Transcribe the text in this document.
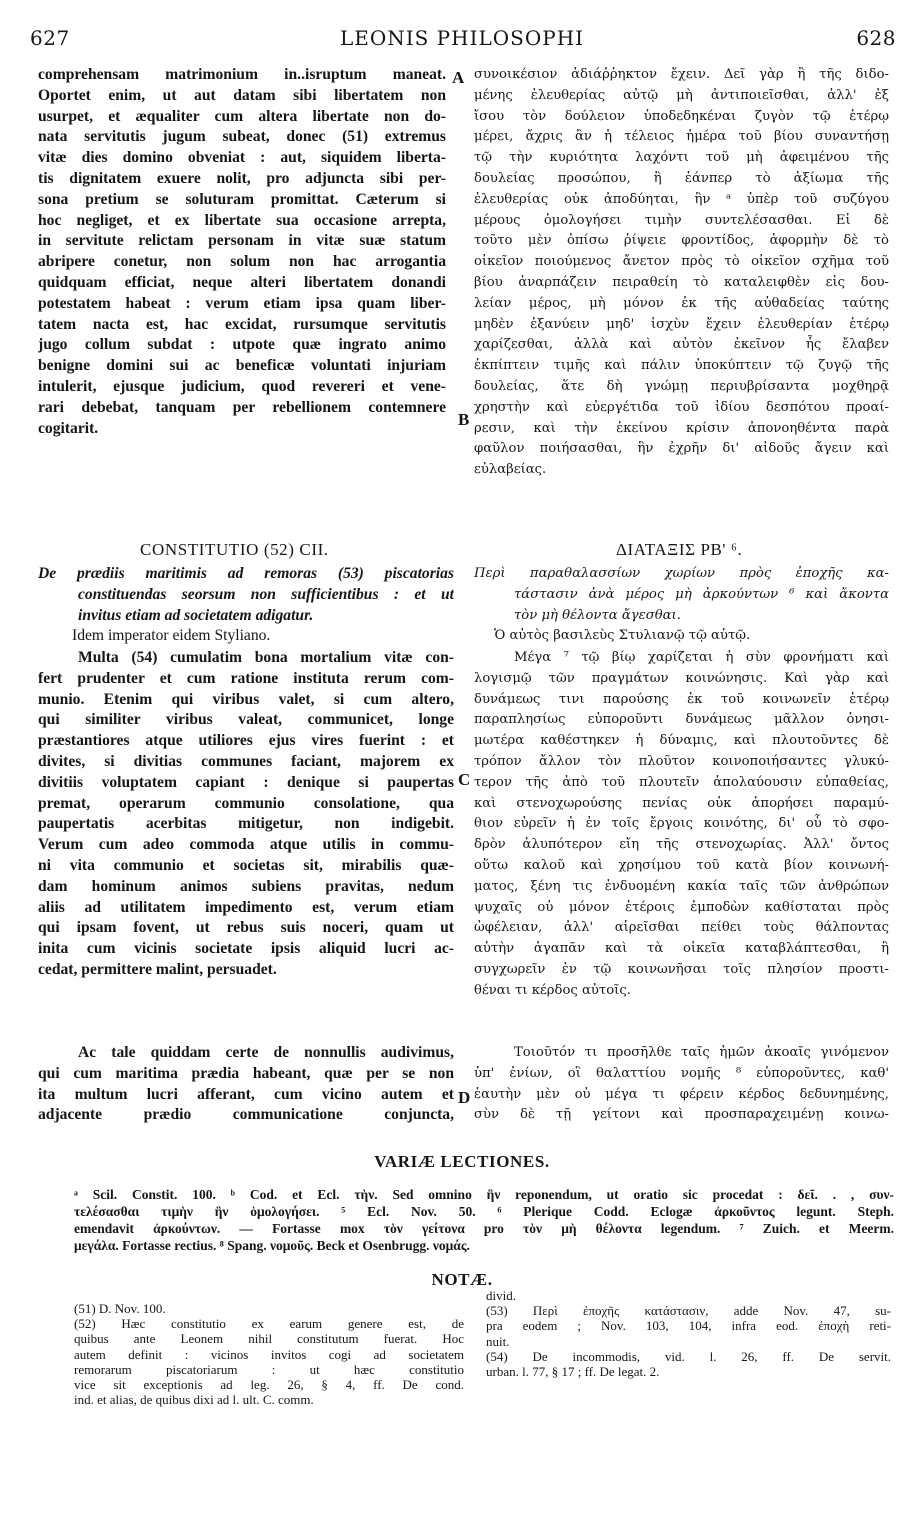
627	LEONIS PHILOSOPHI	628
A
B
C
D
comprehensam matrimonium in..isruptum maneat.
Oportet enim, ut aut datam sibi libertatem non
usurpet, et æqualiter cum altera libertate non do-
nata servitutis jugum subeat, donec (51) extremus
vitæ dies domino obveniat : aut, siquidem liberta-
tis dignitatem exuere nolit, pro adjuncta sibi per-
sona pretium se soluturam promittat. Cæterum si
hoc negliget, et ex libertate sua occasione arrepta,
in servitute relictam personam in vitæ suæ statum
abripere conetur, non solum non hac arrogantia
quidquam efficiat, neque alteri libertatem donandi
potestatem habeat : verum etiam ipsa quam liber-
tatem nacta est, hac excidat, rursumque servitutis
jugo collum subdat : utpote quæ ingrato animo
benigne domini sui ac beneficæ voluntati injuriam
intulerit, ejusque judicium, quod revereri et vene-
rari debebat, tanquam per rebellionem contemnere
cogitarit.
συνοικέσιον ἀδιάῤῥηκτον ἔχειν. Δεῖ γὰρ ἢ τῆς διδο-
μένης ἐλευθερίας αὐτῷ μὴ ἀντιποιεῖσθαι, ἀλλ' ἐξ
ἴσου τὸν δούλειον ὑποδεδηκέναι ζυγὸν τῷ ἑτέρῳ
μέρει, ἄχρις ἂν ἡ τέλειος ἡμέρα τοῦ βίου συναντήσῃ
τῷ τὴν κυριότητα λαχόντι τοῦ μὴ ἀφειμένου τῆς
δουλείας προσώπου, ἢ ἐάνπερ τὸ ἀξίωμα τῆς
ἐλευθερίας οὐκ ἀποδύηται, ἣν ᵃ ὑπὲρ τοῦ συζύγου
μέρους ὁμολογήσει τιμὴν συντελέσασθαι. Εἰ δὲ
τοῦτο μὲν ὀπίσω ῥίψειε φροντίδος, ἀφορμὴν δὲ τὸ
οἰκεῖον ποιούμενος ἄνετον πρὸς τὸ οἰκεῖον σχῆμα τοῦ
βίου ἀναρπάζειν πειραθείη τὸ καταλειφθὲν εἰς δου-
λείαν μέρος, μὴ μόνον ἐκ τῆς αὐθαδείας ταύτης
μηδὲν ἐξανύειν μηδ' ἰσχὺν ἔχειν ἐλευθερίαν ἑτέρῳ
χαρίζεσθαι, ἀλλὰ καὶ αὐτὸν ἐκεῖνον ἧς ἔλαβεν
ἐκπίπτειν τιμῆς καὶ πάλιν ὑποκύπτειν τῷ ζυγῷ τῆς
δουλείας, ἅτε δὴ γνώμῃ περιυβρίσαντα μοχθηρᾷ
χρηστὴν καὶ εὐεργέτιδα τοῦ ἰδίου δεσπότου προαί-
ρεσιν, καὶ τὴν ἐκείνου κρίσιν ἀπονοηθέντα παρὰ
φαῦλον ποιήσασθαι, ἣν ἐχρῆν δι' αἰδοῦς ἄγειν καὶ
εὐλαβείας.
CONSTITUTIO (52) CII.
De prædiis maritimis ad remoras (53) piscatorias
constituendas seorsum non sufficientibus : et ut
invitus etiam ad societatem adigatur.
Idem imperator eidem Styliano.
Multa (54) cumulatim bona mortalium vitæ con-
fert prudenter et cum ratione instituta rerum com-
munio. Etenim qui viribus valet, si cum altero,
qui similiter viribus valeat, communicet, longe
præstantiores atque utiliores ejus vires fuerint : et
divites, si divitias communes faciant, majorem ex
divitiis voluptatem capiant : denique si paupertas
premat, operarum communio consolatione, qua
paupertatis acerbitas mitigetur, non indigebit.
Verum cum adeo commoda atque utilis in commu-
ni vita communio et societas sit, mirabilis quæ-
dam hominum animos subiens pravitas, nedum
aliis ad utilitatem impedimento est, verum etiam
qui ipsam fovent, ut rebus suis noceri, quam ut
inita cum vicinis societate ipsis aliquid lucri ac-
cedat, permittere malint, persuadet.
Ac tale quiddam certe de nonnullis audivimus,
qui cum maritima prædia habeant, quæ per se non
ita multum lucri afferant, cum vicino autem et
adjacente prædio communicatione conjuncta,
ΔΙΑΤΑΞΙΣ ΡΒ' ⁶.
Περὶ παραθαλασσίων χωρίων πρὸς ἐποχῆς κα-
τάστασιν ἀνὰ μέρος μὴ ἀρκούντων ⁶ καὶ ἄκοντα
τὸν μὴ θέλοντα ἄγεσθαι.
Ὁ αὐτὸς βασιλεὺς Στυλιανῷ τῷ αὐτῷ.
Μέγα ⁷ τῷ βίῳ χαρίζεται ἡ σὺν φρονήματι καὶ
λογισμῷ τῶν πραγμάτων κοινώνησις. Καὶ γὰρ καὶ
δυνάμεως τινι παρούσης ἐκ τοῦ κοινωνεῖν ἑτέρῳ
παραπλησίως εὐποροῦντι δυνάμεως μᾶλλον ὀνησι-
μωτέρα καθέστηκεν ἡ δύναμις, καὶ πλουτοῦντες δὲ
τρόπον ἄλλον τὸν πλοῦτον κοινοποιήσαντες γλυκύ-
τερον τῆς ἀπὸ τοῦ πλουτεῖν ἀπολαύουσιν εὐπαθείας,
καὶ στενοχωρούσης πενίας οὐκ ἀπορήσει παραμύ-
θιον εὑρεῖν ἡ ἐν τοῖς ἔργοις κοινότης, δι' οὗ τὸ σφο-
δρὸν ἀλυπότερον εἴη τῆς στενοχωρίας. Ἀλλ' ὄντος
οὕτω καλοῦ καὶ χρησίμου τοῦ κατὰ βίον κοινωνή-
ματος, ξένη τις ἐνδυομένη κακία ταῖς τῶν ἀνθρώπων
ψυχαῖς οὐ μόνον ἑτέροις ἐμποδὼν καθίσταται πρὸς
ὠφέλειαν, ἀλλ' αἱρεῖσθαι πείθει τοὺς θάλποντας
αὐτὴν ἀγαπᾶν καὶ τὰ οἰκεῖα καταβλάπτεσθαι, ἢ
συγχωρεῖν ἐν τῷ κοινωνῆσαι τοῖς πλησίον προστι-
θέναι τι κέρδος αὐτοῖς.
Τοιοῦτόν τι προσῆλθε ταῖς ἡμῶν ἀκοαῖς γινόμενον
ὑπ' ἐνίων, οἳ θαλαττίου νομῆς ⁸ εὐποροῦντες, καθ'
ἑαυτὴν μὲν οὐ μέγα τι φέρειν κέρδος δεδυνημένης,
σὺν δὲ τῇ γείτονι καὶ προσπαραχειμένῃ κοινω-
VARIÆ LECTIONES.
ᵃ Scil. Constit. 100. ᵇ Cod. et Ecl. τὴν. Sed omnino ἣν reponendum, ut oratio sic procedat : δεῖ. . , συν-
τελέσασθαι τιμὴν ἣν ὁμολογήσει. ⁵ Ecl. Nov. 50. ⁶ Plerique Codd. Eclogæ ἀρκοῦντος legunt. Steph.
emendavit ἀρκούντων. — Fortasse mox τὸν γείτονα pro τὸν μὴ θέλοντα legendum. ⁷ Zuich. et Meerm.
μεγάλα. Fortasse rectius. ⁸ Spang. νομοῦς. Beck et Osenbrugg. νομάς.
NOTÆ.
(51) D. Nov. 100.
(52) Hæc constitutio ex earum genere est, de
quibus ante Leonem nihil constitutum fuerat. Hoc
autem definit : vicinos invitos cogi ad societatem
remorarum piscatoriarum : ut hæc constitutio
vice sit exceptionis ad leg. 26, § 4, ff. De cond.
ind. et alias, de quibus dixi ad l. ult. C. comm.
divid.
(53) Περὶ ἐποχῆς κατάστασιν, adde Nov. 47, su-
pra eodem ; Nov. 103, 104, infra eod. ἐποχὴ reti-
nuit.
(54) De incommodis, vid. l. 26, ff. De servit.
urban. l. 77, § 17 ; ff. De legat. 2.
